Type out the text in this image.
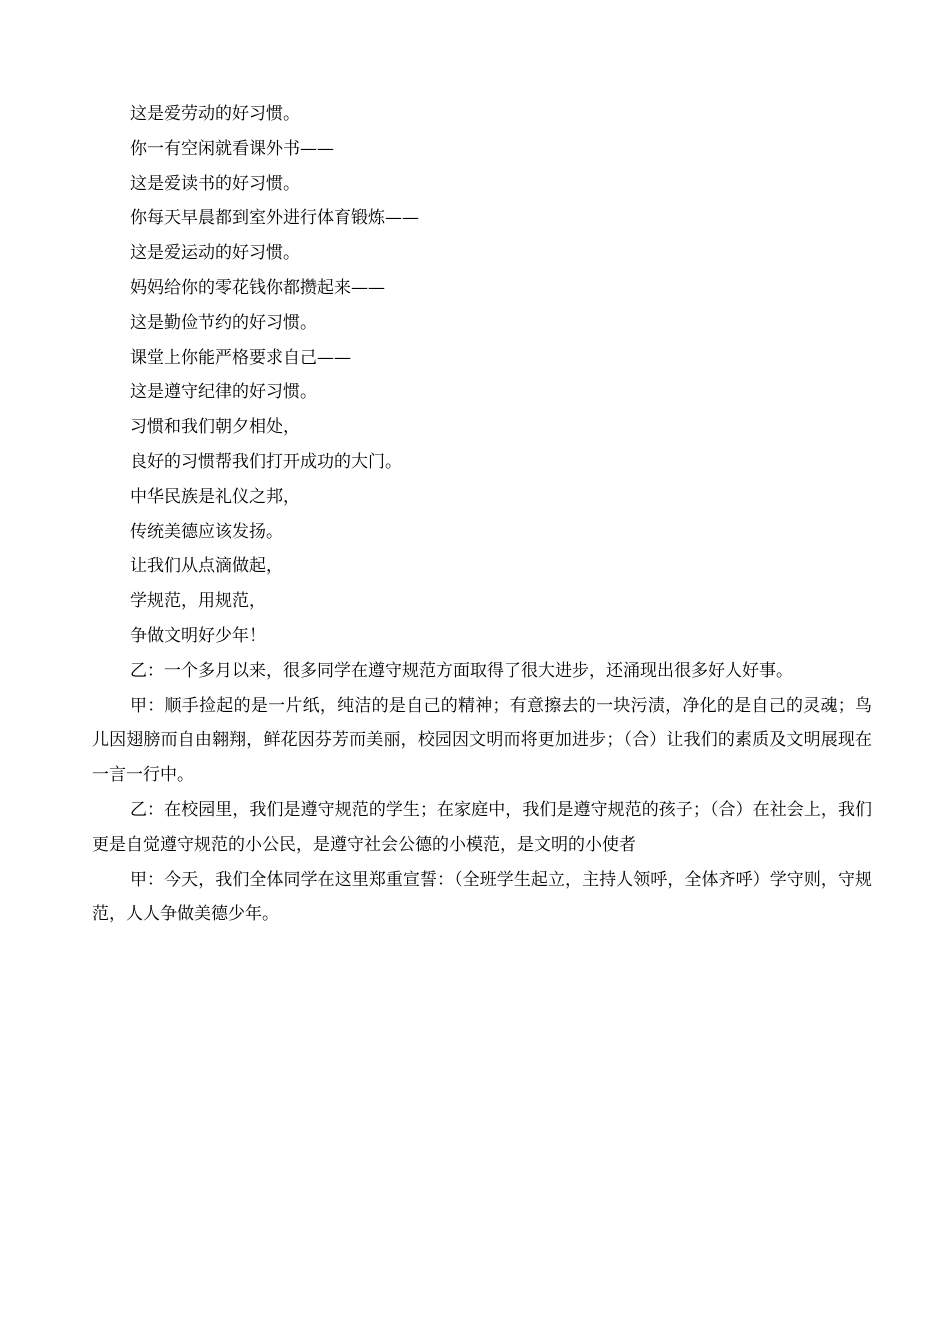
这是爱劳动的好习惯。

你一有空闲就看课外书——

这是爱读书的好习惯。

你每天早晨都到室外进行体育锻炼——

这是爱运动的好习惯。

妈妈给你的零花钱你都攒起来——

这是勤俭节约的好习惯。

课堂上你能严格要求自己——

这是遵守纪律的好习惯。

习惯和我们朝夕相处，

良好的习惯帮我们打开成功的大门。

中华民族是礼仪之邦，

传统美德应该发扬。

让我们从点滴做起，

学规范，用规范，

争做文明好少年！

乙：一个多月以来，很多同学在遵守规范方面取得了很大进步，还涌现出很多好人好事。

甲：顺手捡起的是一片纸，纯洁的是自己的精神；有意擦去的一块污渍，净化的是自己的灵魂；鸟儿因翅膀而自由翱翔，鲜花因芬芳而美丽，校园因文明而将更加进步；（合）让我们的素质及文明展现在一言一行中。

乙：在校园里，我们是遵守规范的学生；在家庭中，我们是遵守规范的孩子；（合）在社会上，我们更是自觉遵守规范的小公民，是遵守社会公德的小模范，是文明的小使者

甲：今天，我们全体同学在这里郑重宣誓：（全班学生起立，主持人领呼，全体齐呼）学守则，守规范，人人争做美德少年。
